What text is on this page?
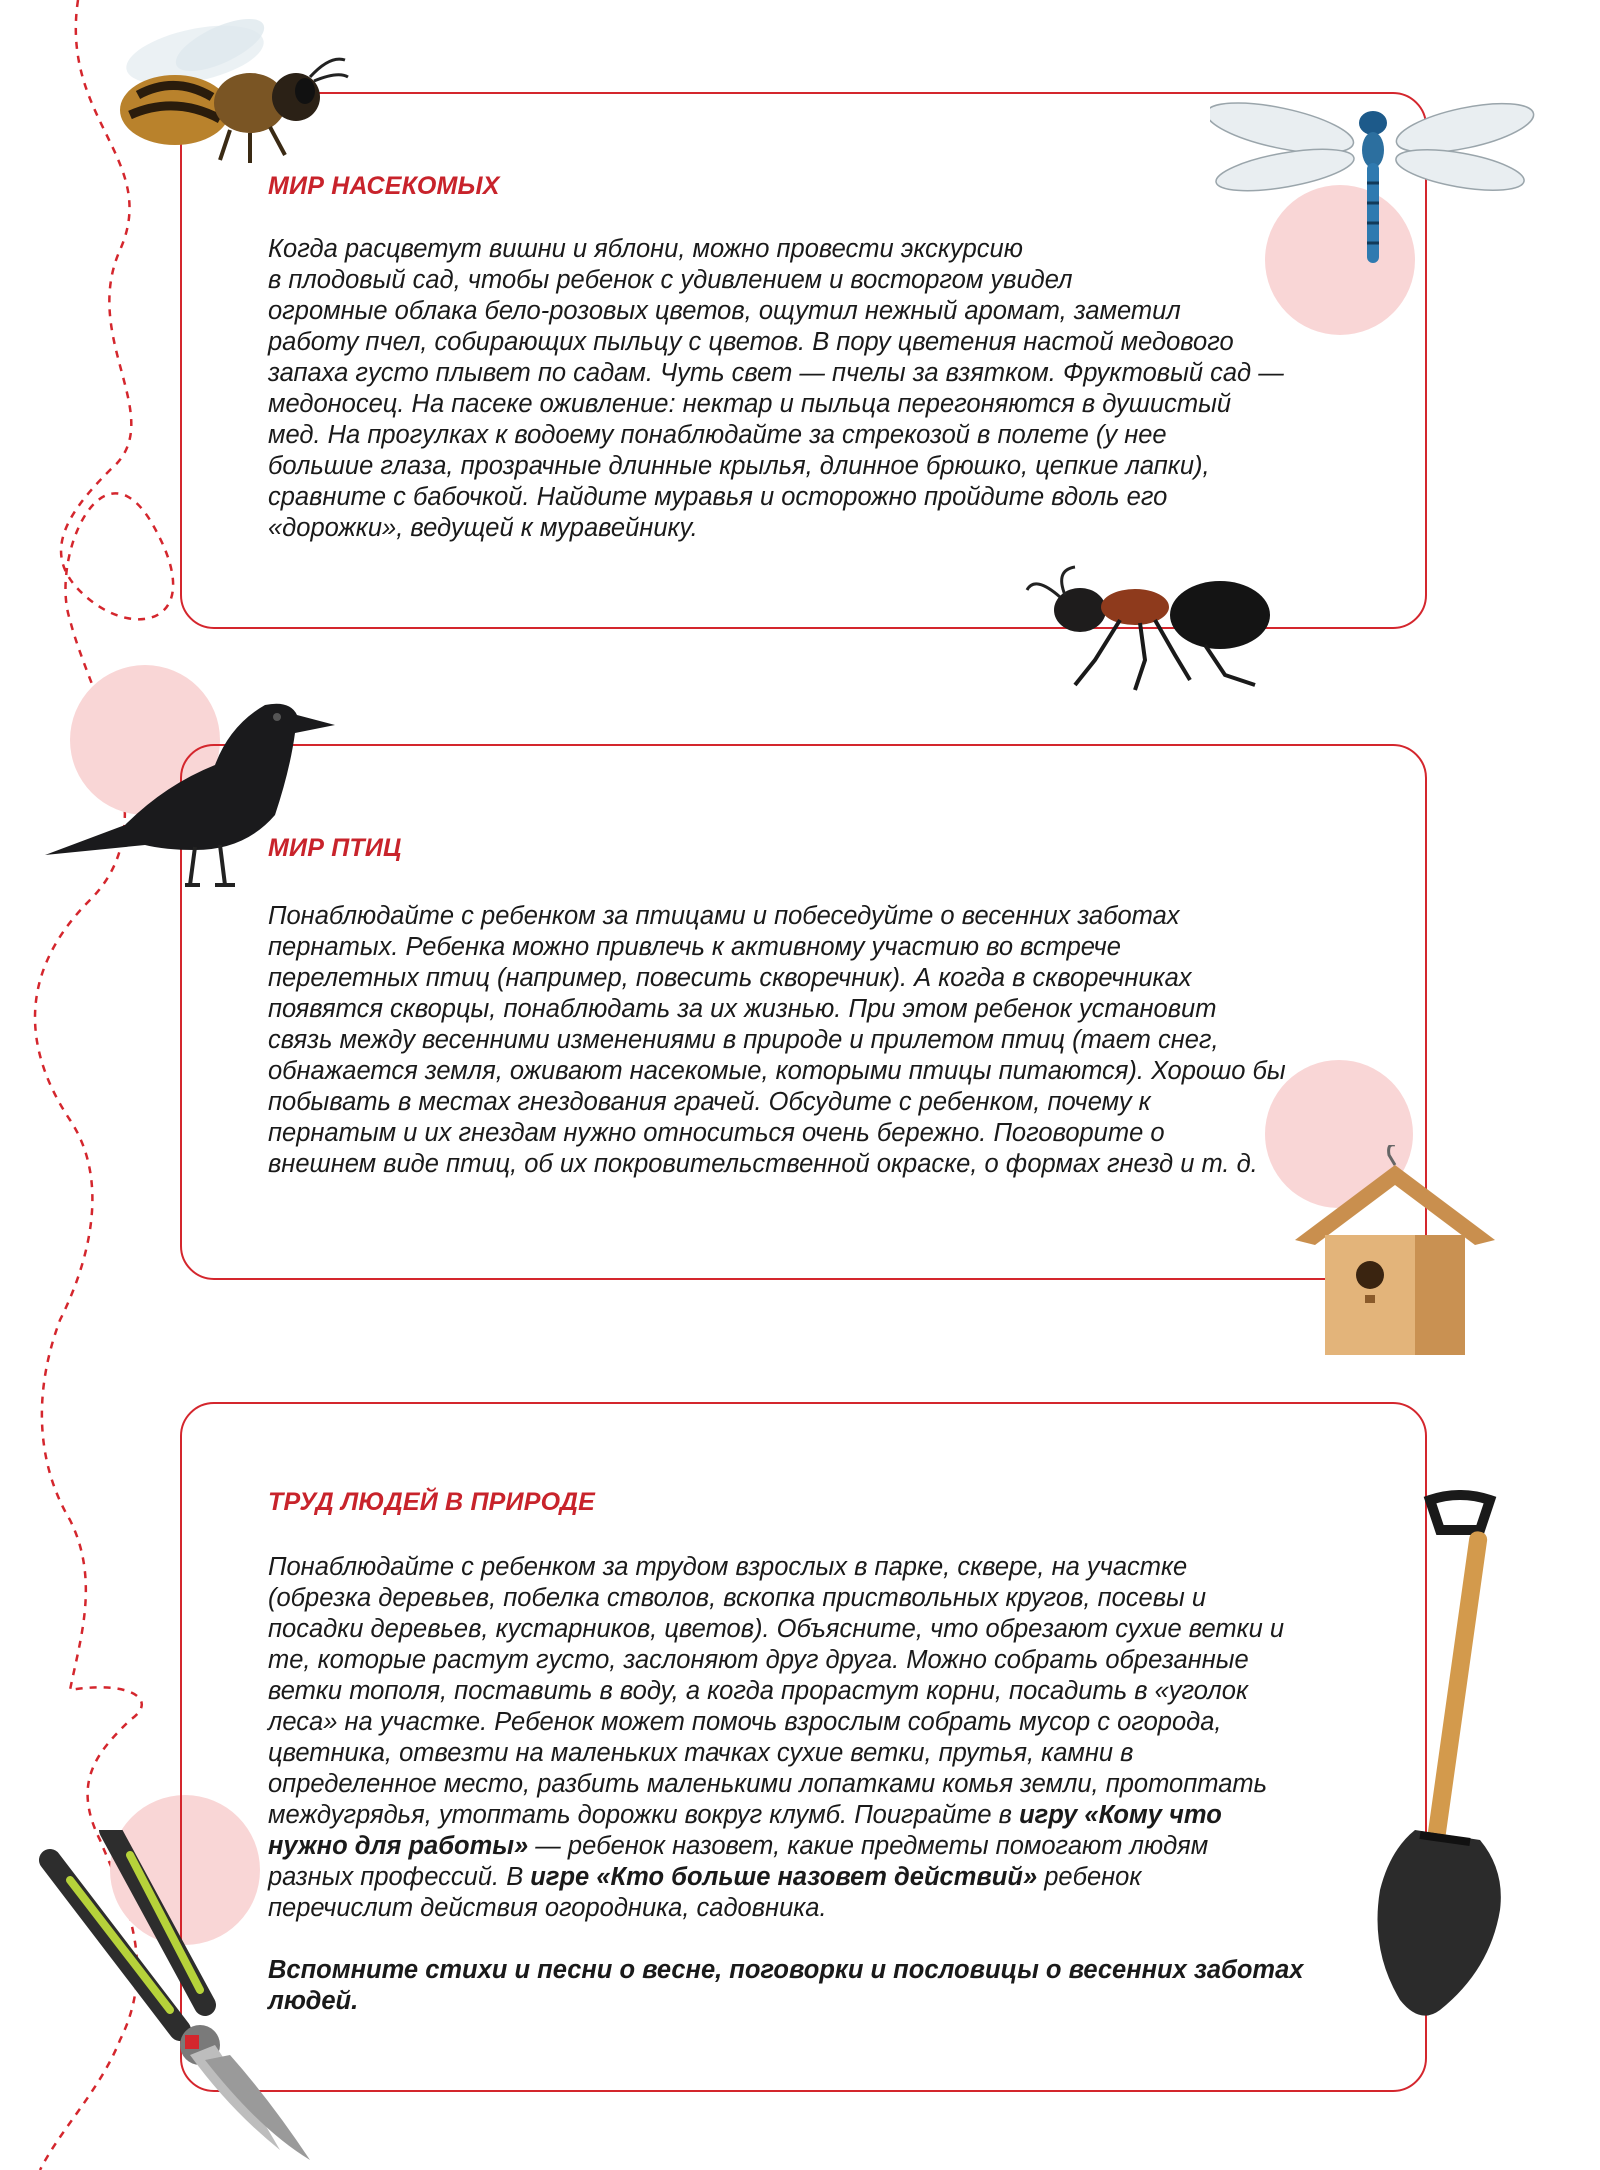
МИР НАСЕКОМЫХ

Когда расцветут вишни и яблони, можно провести экскурсию

в плодовый сад, чтобы ребенок с удивлением и восторгом увидел

огромные облака бело-розовых цветов, ощутил нежный аромат, заметил

работу пчел, собирающих пыльцу с цветов. В пору цветения настой медового

запаха густо плывет по садам. Чуть свет — пчелы за взятком. Фруктовый сад —

медоносец. На пасеке оживление: нектар и пыльца перегоняются в душистый

мед. На прогулках к водоему понаблюдайте за стрекозой в полете (у нее

большие глаза, прозрачные длинные крылья, длинное брюшко, цепкие лапки),

сравните с бабочкой. Найдите муравья и осторожно пройдите вдоль его

«дорожки», ведущей к муравейнику.

МИР ПТИЦ

Понаблюдайте с ребенком за птицами и побеседуйте о весенних заботах

пернатых. Ребенка можно привлечь к активному участию во встрече

перелетных птиц (например, повесить скворечник). А когда в скворечниках

появятся скворцы, понаблюдать за их жизнью. При этом ребенок установит

связь между весенними изменениями в природе и прилетом птиц (тает снег,

обнажается земля, оживают насекомые, которыми птицы питаются). Хорошо бы

побывать в местах гнездования грачей. Обсудите с ребенком, почему к

пернатым и их гнездам нужно относиться очень бережно. Поговорите о

внешнем виде птиц, об их покровительственной окраске, о формах гнезд и т. д.

ТРУД ЛЮДЕЙ В ПРИРОДЕ

Понаблюдайте с ребенком за трудом взрослых в парке, сквере, на участке

(обрезка деревьев, побелка стволов, вскопка приствольных кругов, посевы и

посадки деревьев, кустарников, цветов). Объясните, что обрезают сухие ветки и

те, которые растут густо, заслоняют друг друга. Можно собрать обрезанные

ветки тополя, поставить в воду, а когда прорастут корни, посадить в «уголок

леса» на участке. Ребенок может помочь взрослым собрать мусор с огорода,

цветника, отвезти на маленьких тачках сухие ветки, прутья, камни в

определенное место, разбить маленькими лопатками комья земли, протоптать

междугрядья, утоптать дорожки вокруг клумб. Поиграйте в игру «Кому что

нужно для работы» — ребенок назовет, какие предметы помогают людям

разных профессий. В игре «Кто больше назовет действий» ребенок

перечислит действия огородника, садовника.

Вспомните стихи и песни о весне, поговорки и пословицы о весенних заботах

людей.
